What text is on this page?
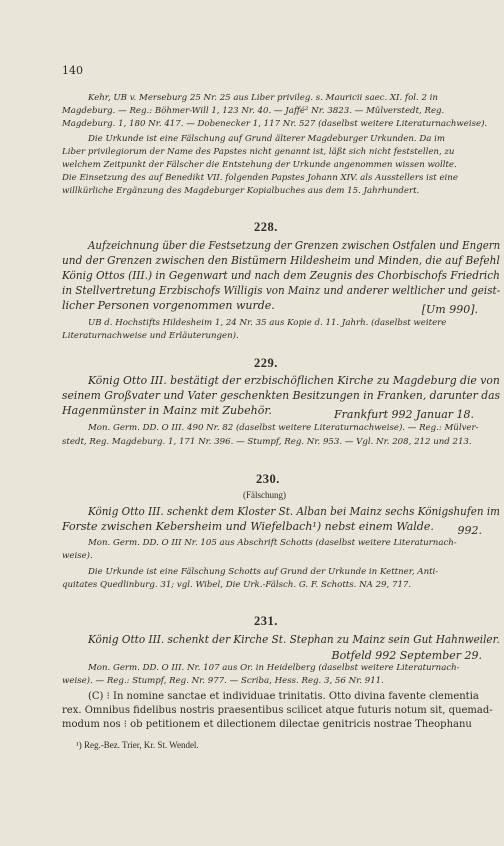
140
Kehr, UB v. Merseburg 25 Nr. 25 aus Liber privileg. s. Mauricii saec. XI. fol. 2 in
Magdeburg. — Reg.: Böhmer-Will 1, 123 Nr. 40. — Jaffé² Nr. 3823. — Mülverstedt, Reg.
Magdeburg. 1, 180 Nr. 417. — Dobenecker 1, 117 Nr. 527 (daselbst weitere Literaturnachweise).
Die Urkunde ist eine Fälschung auf Grund älterer Magdeburger Urkunden. Da im
Liber privilegiorum der Name des Papstes nicht genannt ist, läßt sich nicht feststellen, zu
welchem Zeitpunkt der Fälscher die Entstehung der Urkunde angenommen wissen wollte.
Die Einsetzung des auf Benedikt VII. folgenden Papstes Johann XIV. als Ausstellers ist eine
willkürliche Ergänzung des Magdeburger Kopialbuches aus dem 15. Jahrhundert.
228.
Aufzeichnung über die Festsetzung der Grenzen zwischen Ostfalen und Engern
und der Grenzen zwischen den Bistümern Hildesheim und Minden, die auf Befehl
König Ottos (III.) in Gegenwart und nach dem Zeugnis des Chorbischofs Friedrich
in Stellvertretung Erzbischofs Willigis von Mainz und anderer weltlicher und geist-
licher Personen vorgenommen wurde.	[Um 990].
UB d. Hochstifts Hildesheim 1, 24 Nr. 35 aus Kopie d. 11. Jahrh. (daselbst weitere
Literaturnachweise und Erläuterungen).
229.
König Otto III. bestätigt der erzbischöflichen Kirche zu Magdeburg die von
seinem Großvater und Vater geschenkten Besitzungen in Franken, darunter das
Hagenmünster in Mainz mit Zubehör.	Frankfurt 992 Januar 18.
Mon. Germ. DD. O III. 490 Nr. 82 (daselbst weitere Literaturnachweise). — Reg.: Mülver-
stedt, Reg. Magdeburg. 1, 171 Nr. 396. — Stumpf, Reg. Nr. 953. — Vgl. Nr. 208, 212 und 213.
230.
(Fälschung)
König Otto III. schenkt dem Kloster St. Alban bei Mainz sechs Königshufen im
Forste zwischen Kebersheim und Wiefelbach¹) nebst einem Walde. 992.
Mon. Germ. DD. O III Nr. 105 aus Abschrift Schotts (daselbst weitere Literaturnach-
weise).
Die Urkunde ist eine Fälschung Schotts auf Grund der Urkunde in Kettner, Anti-
quitates Quedlinburg. 31; vgl. Wibel, Die Urk.-Fälsch. G. F. Schotts. NA 29, 717.
231.
König Otto III. schenkt der Kirche St. Stephan zu Mainz sein Gut Hahnweiler.
Botfeld 992 September 29.
Mon. Germ. DD. O III. Nr. 107 aus Or. in Heidelberg (daselbst weitere Literaturnach-
weise). — Reg.: Stumpf, Reg. Nr. 977. — Scriba, Hess. Reg. 3, 56 Nr. 911.
(C) ⁝ In nomine sanctae et individuae trinitatis. Otto divina favente clementia
rex. Omnibus fidelibus nostris praesentibus scilicet atque futuris notum sit, quemad-
modum nos ⁝ ob petitionem et dilectionem dilectae genitricis nostrae Theophanu
¹) Reg.-Bez. Trier, Kr. St. Wendel.
